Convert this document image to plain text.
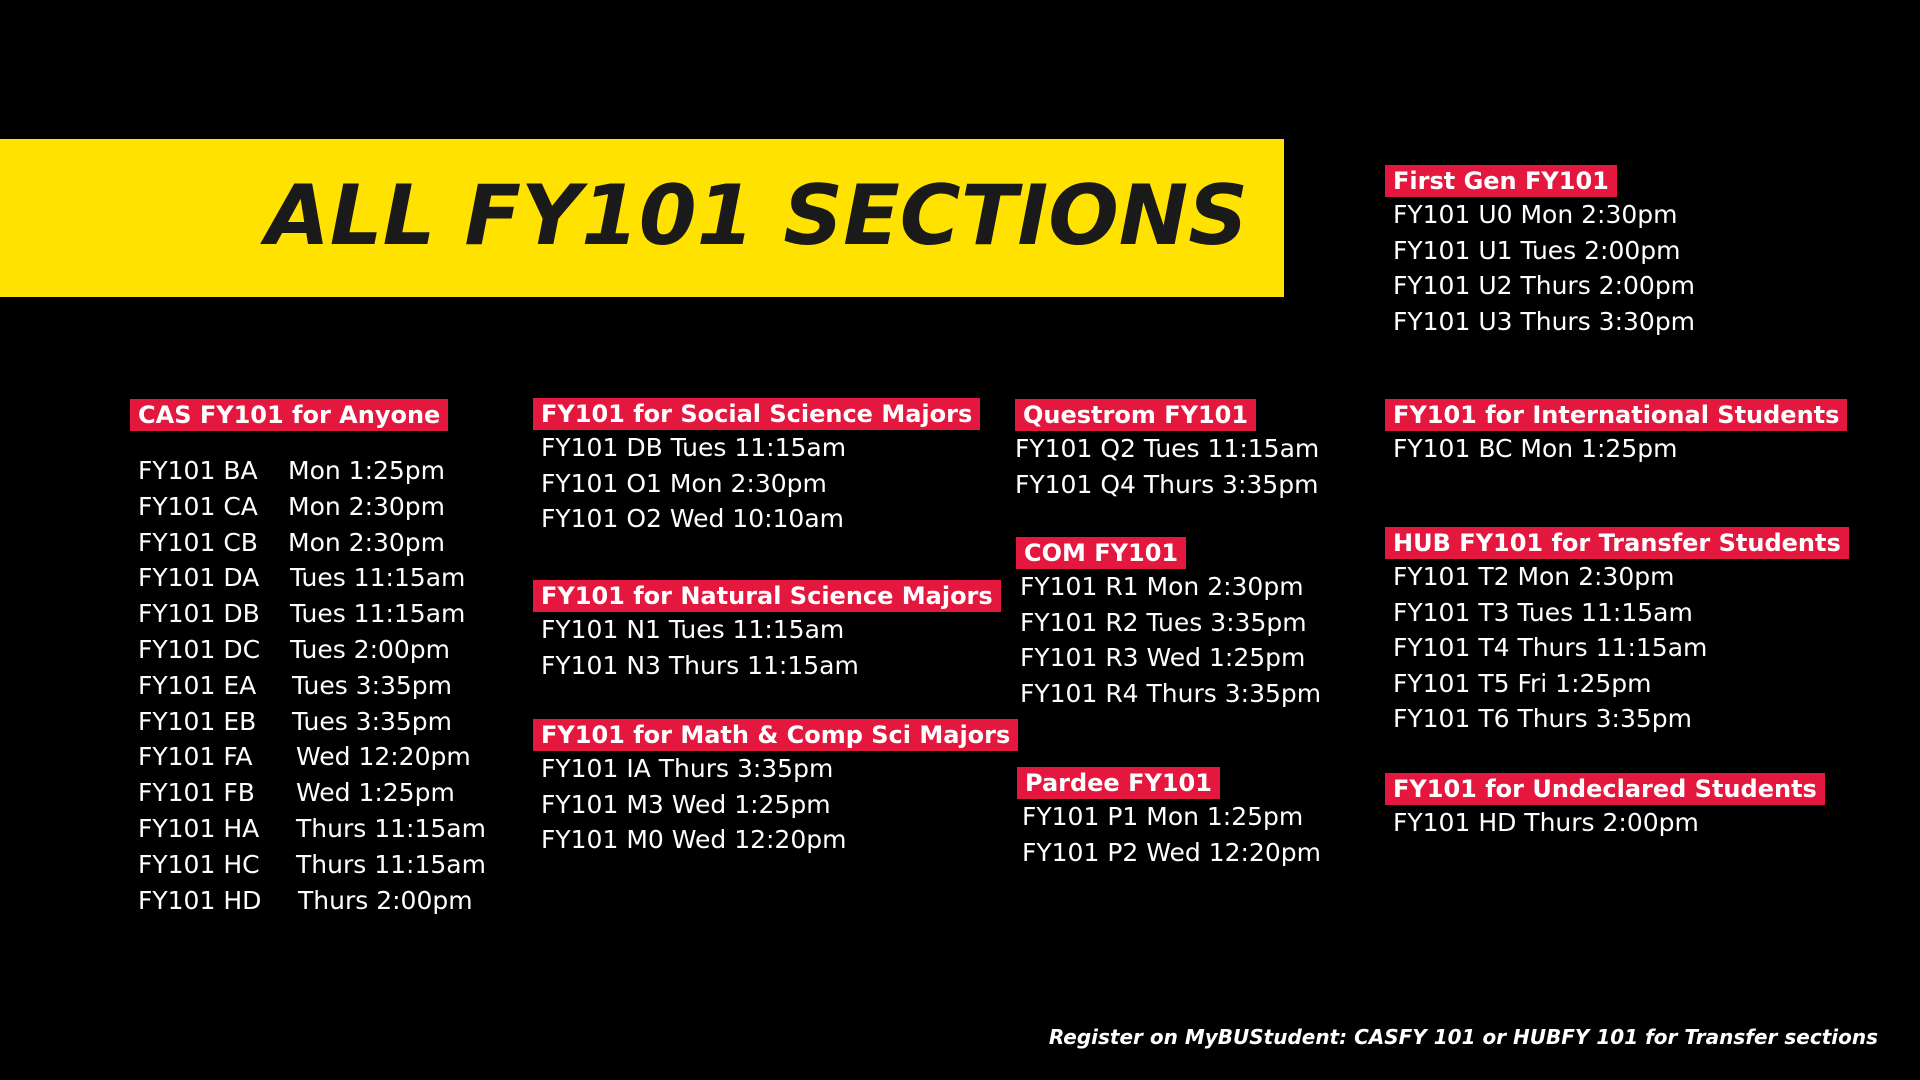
ALL FY101 SECTIONS
CAS FY101 for Anyone
FY101 BA	Mon 1:25pm
FY101 CA	Mon 2:30pm
FY101 CB	Mon 2:30pm
FY101 DA	Tues 11:15am
FY101 DB	Tues 11:15am
FY101 DC	Tues 2:00pm
FY101 EA	Tues 3:35pm
FY101 EB	Tues 3:35pm
FY101 FA	Wed 12:20pm
FY101 FB	Wed 1:25pm
FY101 HA	Thurs 11:15am
FY101 HC	Thurs 11:15am
FY101 HD	Thurs 2:00pm
FY101 for Social Science Majors
FY101 DB Tues 11:15am
FY101 O1 Mon 2:30pm
FY101 O2 Wed 10:10am
FY101 for Natural Science Majors
FY101 N1 Tues 11:15am
FY101 N3 Thurs 11:15am
FY101 for Math & Comp Sci Majors
FY101 IA Thurs 3:35pm
FY101 M3 Wed 1:25pm
FY101 M0 Wed 12:20pm
Questrom FY101
FY101 Q2 Tues 11:15am
FY101 Q4 Thurs 3:35pm
COM FY101
FY101 R1 Mon 2:30pm
FY101 R2 Tues 3:35pm
FY101 R3 Wed 1:25pm
FY101 R4 Thurs 3:35pm
Pardee FY101
FY101 P1 Mon 1:25pm
FY101 P2 Wed 12:20pm
First Gen FY101
FY101 U0 Mon 2:30pm
FY101 U1 Tues 2:00pm
FY101 U2 Thurs 2:00pm
FY101 U3 Thurs 3:30pm
FY101 for International Students
FY101 BC Mon 1:25pm
HUB FY101 for Transfer Students
FY101 T2 Mon 2:30pm
FY101 T3 Tues 11:15am
FY101 T4 Thurs 11:15am
FY101 T5 Fri 1:25pm
FY101 T6 Thurs 3:35pm
FY101 for Undeclared Students
FY101 HD Thurs 2:00pm
Register on MyBUStudent: CASFY 101 or HUBFY 101 for Transfer sections
